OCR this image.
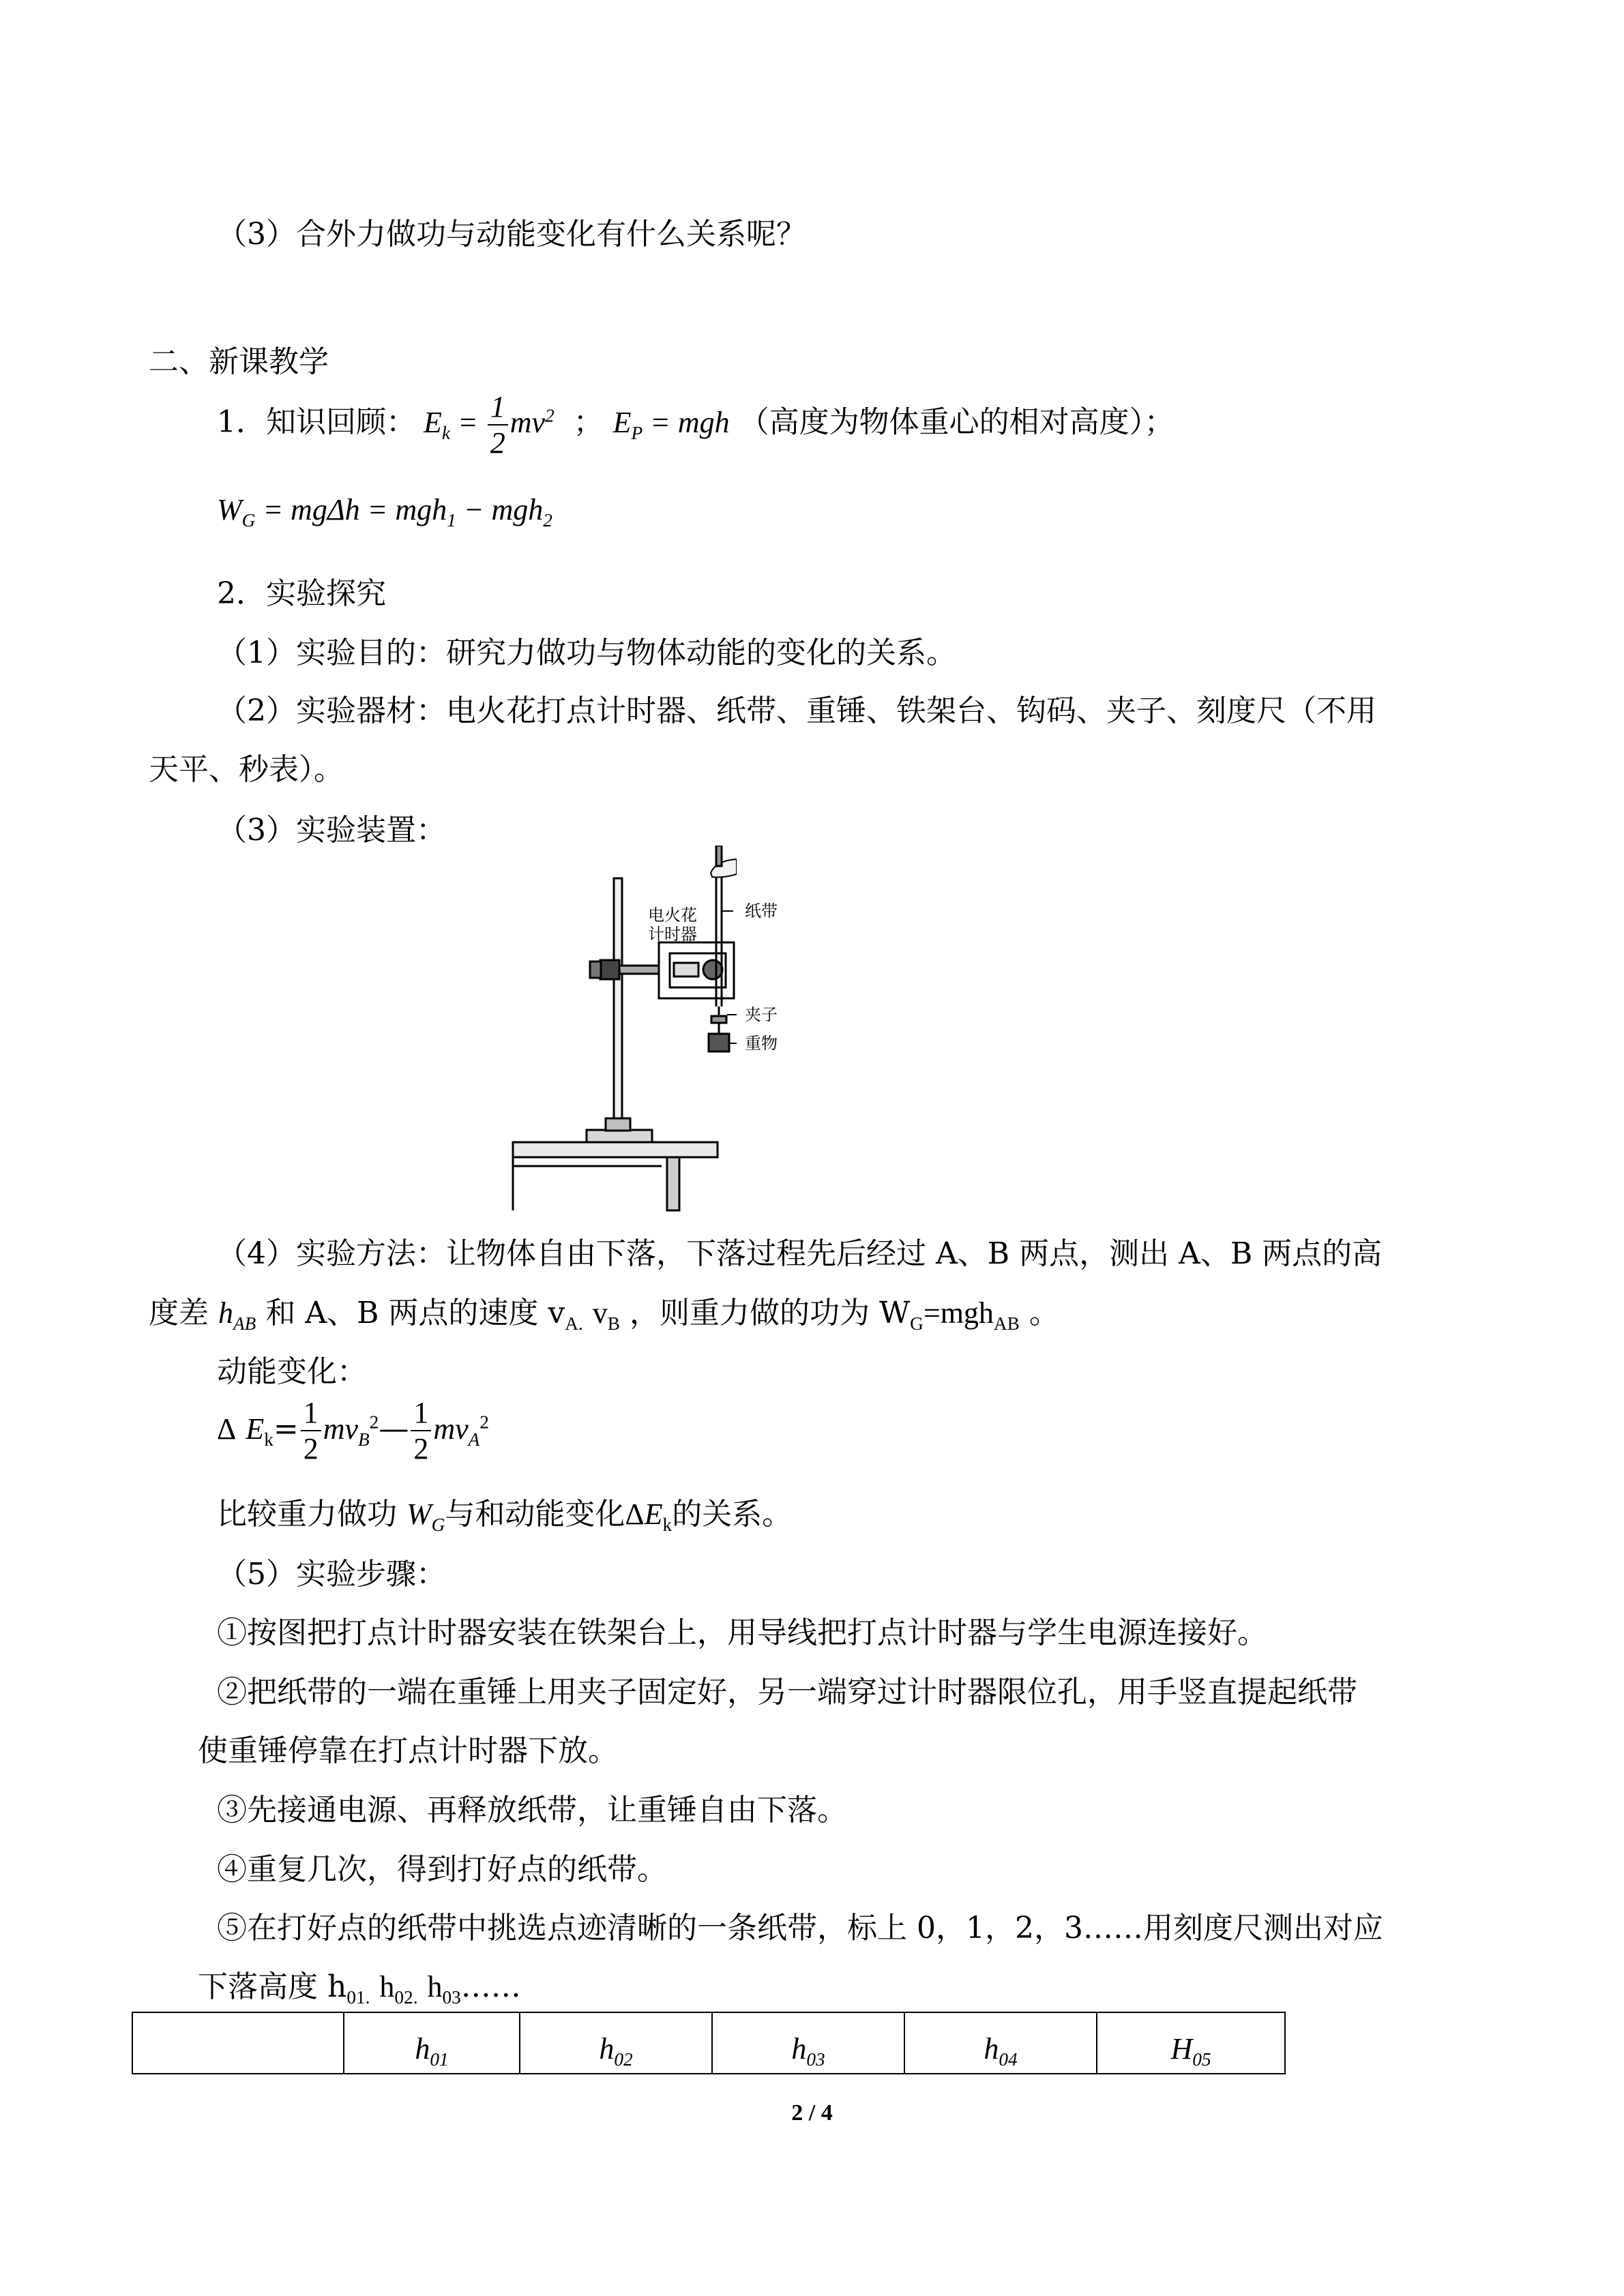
（3）合外力做功与动能变化有什么关系呢？
二、新课教学
1．知识回顾： $E_k = \frac{1}{2} mv^2$  ； $E_P$ = mgh （高度为物体重心的相对高度）；
$W_G = mg\Delta h = mgh_1 - mgh_2$
2．实验探究
（1）实验目的：研究力做功与物体动能的变化的关系。
（2）实验器材：电火花打点计时器、纸带、重锤、铁架台、钩码、夹子、刻度尺（不用
天平、秒表）。
（3）实验装置：
电火花
计时器
纸带
夹子
重物
（4）实验方法：让物体自由下落，下落过程先后经过 A、B 两点，测出 A、B 两点的高
度差 $h_{AB}$ 和 A、B 两点的速度 $v_{A.}$ $v_B$ ，则重力做的功为 $W_G=mgh_{AB}$ 。
动能变化：
Δ $E_k= \frac{1}{2}$ $mv_B^2— \frac{1}{2} mv_A^2$
比较重力做功 $W_G$与和动能变化$\Delta E_k$的关系。
（5）实验步骤：
①按图把打点计时器安装在铁架台上，用导线把打点计时器与学生电源连接好。
②把纸带的一端在重锤上用夹子固定好，另一端穿过计时器限位孔，用手竖直提起纸带
使重锤停靠在打点计时器下放。
③先接通电源、再释放纸带，让重锤自由下落。
④重复几次，得到打好点的纸带。
⑤在打好点的纸带中挑选点迹清晰的一条纸带，标上 0，1，2，3……用刻度尺测出对应
下落高度 $h_{01.}$ $h_{02.}$ $h_{03}\dots\dots$
	$h_{01}$	$h_{02}$	$h_{03}$	$h_{04}$	$H_{05}$
2 / 4
